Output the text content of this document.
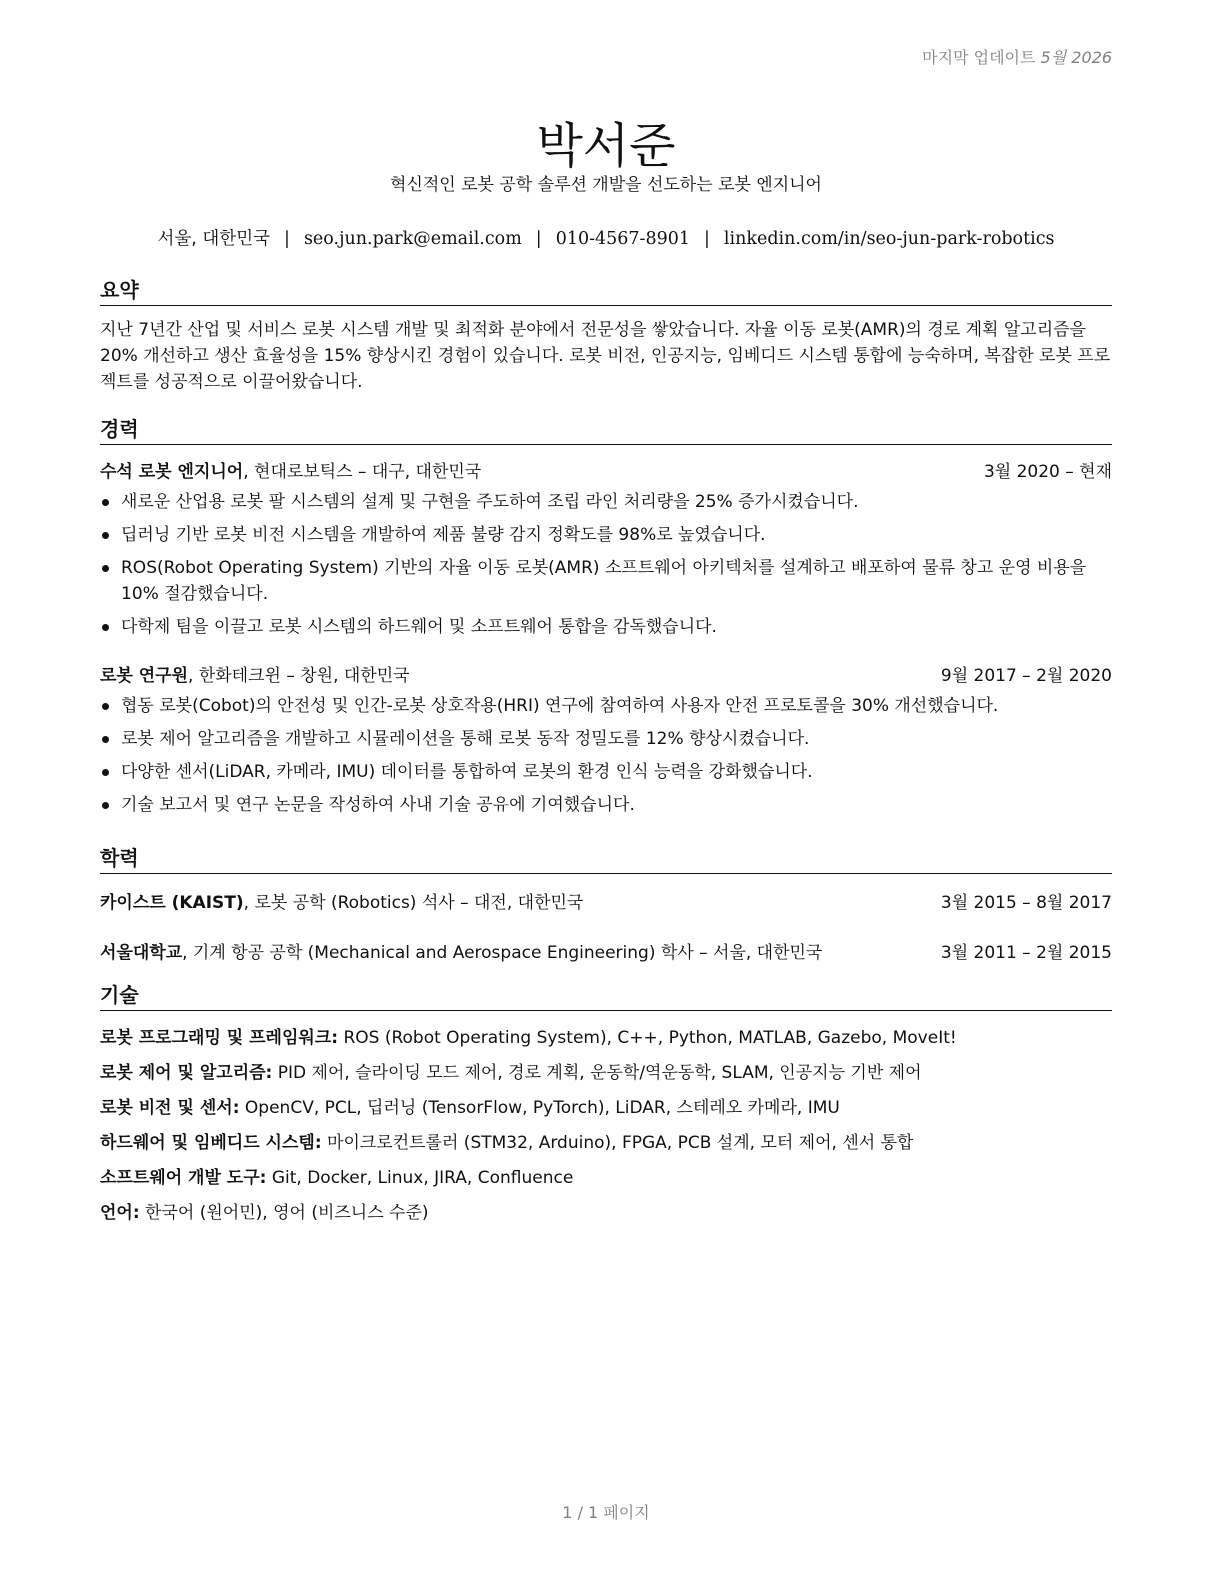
마지막 업데이트 5월 2026
박서준
혁신적인 로봇 공학 솔루션 개발을 선도하는 로봇 엔지니어
서울, 대한민국 | seo.jun.park@email.com | 010-4567-8901 | linkedin.com/in/seo-jun-park-robotics
요약

지난 7년간 산업 및 서비스 로봇 시스템 개발 및 최적화 분야에서 전문성을 쌓았습니다. 자율 이동 로봇(AMR)의 경로 계획 알고리즘을 20% 개선하고 생산 효율성을 15% 향상시킨 경험이 있습니다. 로봇 비전, 인공지능, 임베디드 시스템 통합에 능숙하며, 복잡한 로봇 프로젝트를 성공적으로 이끌어왔습니다.

경력
수석 로봇 엔지니어, 현대로보틱스 – 대구, 대한민국	3월 2020 – 현재
새로운 산업용 로봇 팔 시스템의 설계 및 구현을 주도하여 조립 라인 처리량을 25% 증가시켰습니다.
딥러닝 기반 로봇 비전 시스템을 개발하여 제품 불량 감지 정확도를 98%로 높였습니다.
ROS(Robot Operating System) 기반의 자율 이동 로봇(AMR) 소프트웨어 아키텍처를 설계하고 배포하여 물류 창고 운영 비용을 10% 절감했습니다.
다학제 팀을 이끌고 로봇 시스템의 하드웨어 및 소프트웨어 통합을 감독했습니다.
로봇 연구원, 한화테크윈 – 창원, 대한민국	9월 2017 – 2월 2020
협동 로봇(Cobot)의 안전성 및 인간-로봇 상호작용(HRI) 연구에 참여하여 사용자 안전 프로토콜을 30% 개선했습니다.
로봇 제어 알고리즘을 개발하고 시뮬레이션을 통해 로봇 동작 정밀도를 12% 향상시켰습니다.
다양한 센서(LiDAR, 카메라, IMU) 데이터를 통합하여 로봇의 환경 인식 능력을 강화했습니다.
기술 보고서 및 연구 논문을 작성하여 사내 기술 공유에 기여했습니다.
학력
카이스트 (KAIST), 로봇 공학 (Robotics) 석사 – 대전, 대한민국	3월 2015 – 8월 2017
서울대학교, 기계 항공 공학 (Mechanical and Aerospace Engineering) 학사 – 서울, 대한민국	3월 2011 – 2월 2015
기술
로봇 프로그래밍 및 프레임워크: ROS (Robot Operating System), C++, Python, MATLAB, Gazebo, MoveIt!
로봇 제어 및 알고리즘: PID 제어, 슬라이딩 모드 제어, 경로 계획, 운동학/역운동학, SLAM, 인공지능 기반 제어
로봇 비전 및 센서: OpenCV, PCL, 딥러닝 (TensorFlow, PyTorch), LiDAR, 스테레오 카메라, IMU
하드웨어 및 임베디드 시스템: 마이크로컨트롤러 (STM32, Arduino), FPGA, PCB 설계, 모터 제어, 센서 통합
소프트웨어 개발 도구: Git, Docker, Linux, JIRA, Confluence
언어: 한국어 (원어민), 영어 (비즈니스 수준)
1 / 1 페이지
